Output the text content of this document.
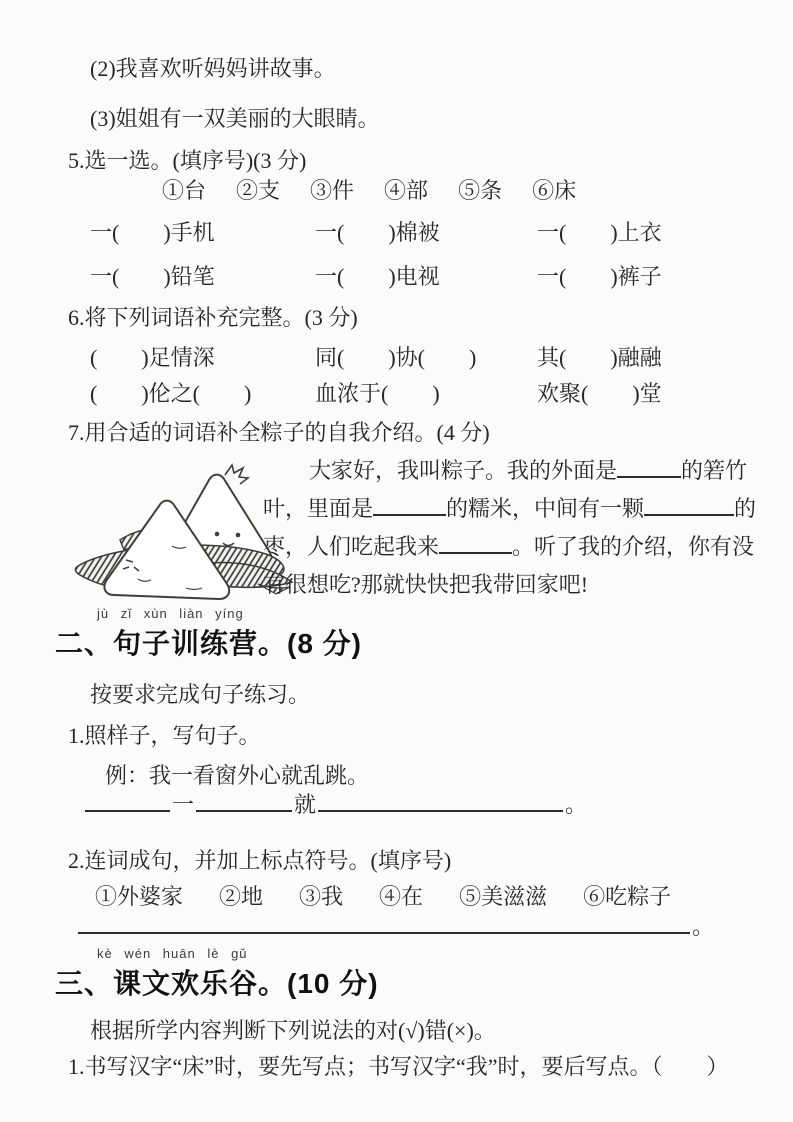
(2)我喜欢听妈妈讲故事。
(3)姐姐有一双美丽的大眼睛。
5.选一选。(填序号)(3 分)
①台 ②支 ③件 ④部 ⑤条 ⑥床
一(　　)手机	一(　　)棉被	一(　　)上衣
一(　　)铅笔	一(　　)电视	一(　　)裤子
6.将下列词语补充完整。(3 分)
(　　)足情深	同(　　)协(　　)	其(　　)融融
(　　)伦之(　　)	血浓于(　　)	欢聚(　　)堂
7.用合适的词语补全粽子的自我介绍。(4 分)
大家好，我叫粽子。我的外面是	的箬竹叶，里面是	的糯米，中间有一颗	的枣，人们吃起我来	。听了我的介绍，你有没有很想吃?那就快快把我带回家吧!
jù zǐ xùn liàn yíng
二、句子训练营。(8 分)
按要求完成句子练习。
1.照样子，写句子。
例：我一看窗外心就乱跳。
一	就	。
2.连词成句，并加上标点符号。(填序号)
①外婆家 ②地 ③我 ④在 ⑤美滋滋 ⑥吃粽子
。
kè wén huān lè gǔ
三、课文欢乐谷。(10 分)
根据所学内容判断下列说法的对(√)错(×)。
1.书写汉字“床”时，要先写点；书写汉字“我”时，要后写点。（　　）
